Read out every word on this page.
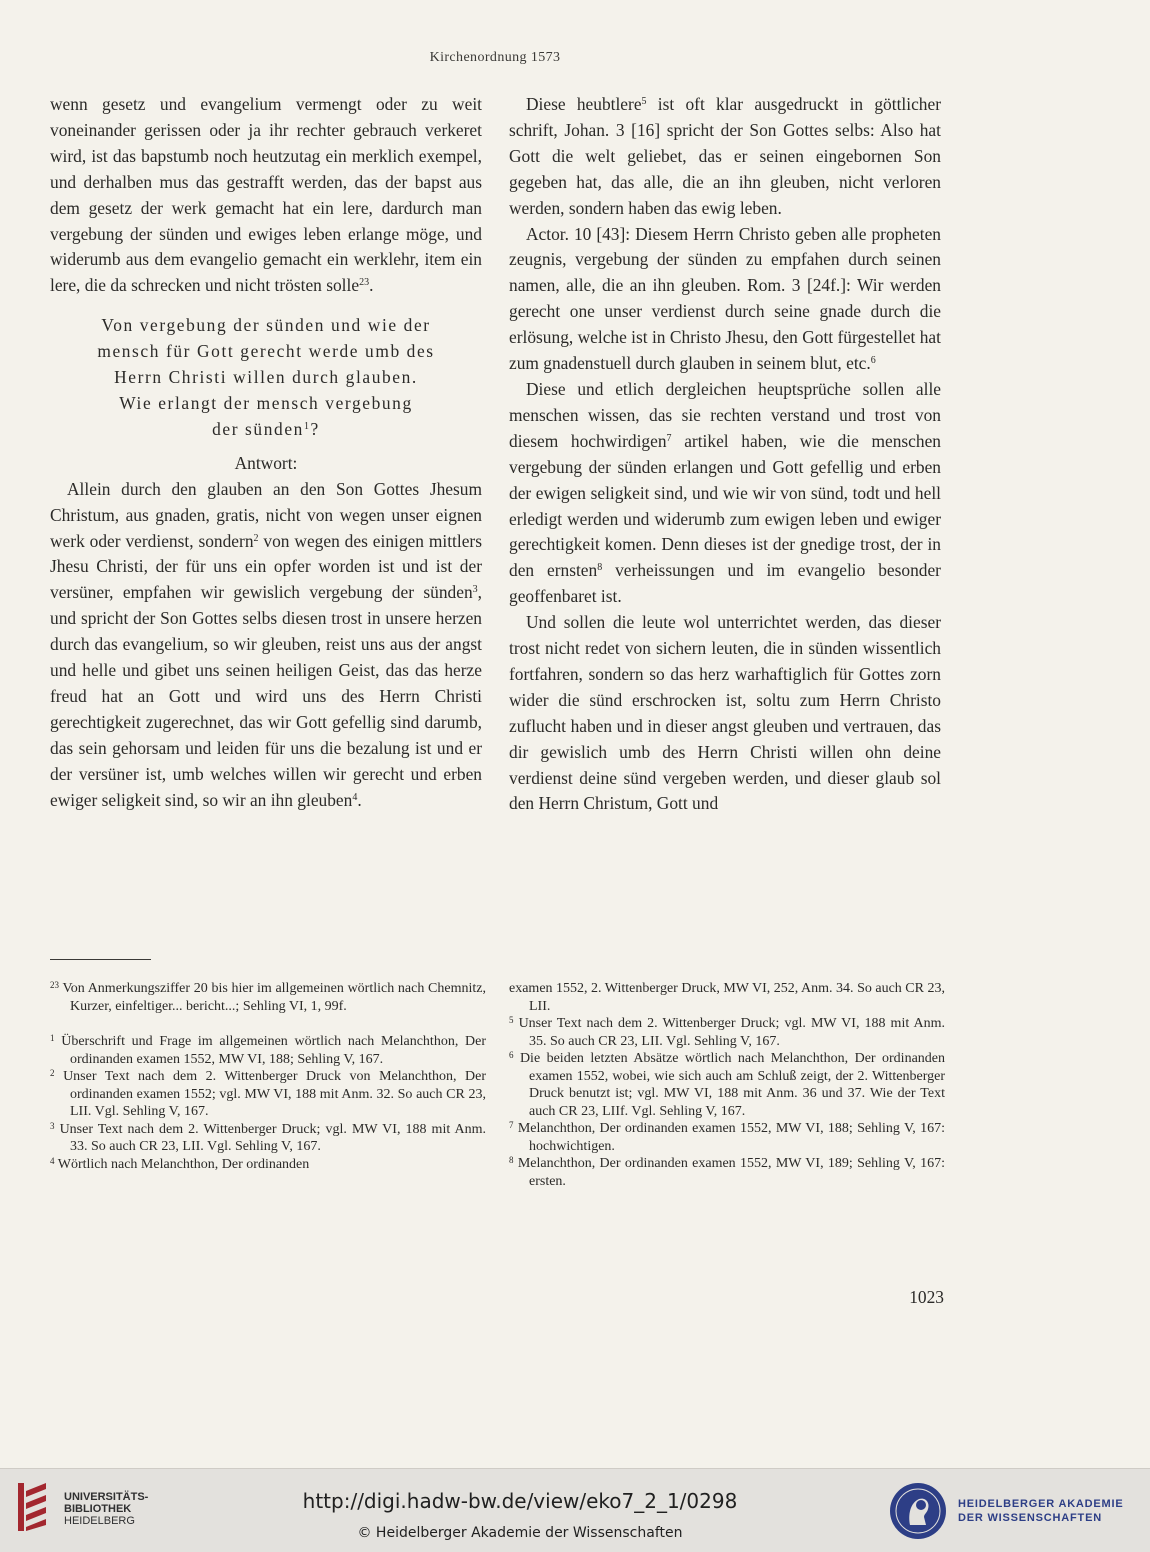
Kirchenordnung 1573

wenn gesetz und evangelium vermengt oder zu weit voneinander gerissen oder ja ihr rechter gebrauch verkeret wird, ist das bapstumb noch heutzutag ein merklich exempel, und derhalben mus das gestrafft werden, das der bapst aus dem gesetz der werk gemacht hat ein lere, dardurch man vergebung der sünden und ewiges leben erlange möge, und widerumb aus dem evangelio gemacht ein werklehr, item ein lere, die da schrecken und nicht trösten solle$^{23}$.

Von vergebung der sünden und wie der
mensch für Gott gerecht werde umb des
Herrn Christi willen durch glauben.
Wie erlangt der mensch vergebung
der sünden$^1$?
Antwort:

Allein durch den glauben an den Son Gottes Jhesum Christum, aus gnaden, gratis, nicht von wegen unser eignen werk oder verdienst, sondern$^2$ von wegen des einigen mittlers Jhesu Christi, der für uns ein opfer worden ist und ist der versüner, empfahen wir gewislich vergebung der sünden$^3$, und spricht der Son Gottes selbs diesen trost in unsere herzen durch das evangelium, so wir gleuben, reist uns aus der angst und helle und gibet uns seinen heiligen Geist, das das herze freud hat an Gott und wird uns des Herrn Christi gerechtigkeit zugerechnet, das wir Gott gefellig sind darumb, das sein gehorsam und leiden für uns die bezalung ist und er der versüner ist, umb welches willen wir gerecht und erben ewiger seligkeit sind, so wir an ihn gleuben$^4$.

Diese heubtlere$^5$ ist oft klar ausgedruckt in göttlicher schrift, Johan. 3 [16] spricht der Son Gottes selbs: Also hat Gott die welt geliebet, das er seinen eingebornen Son gegeben hat, das alle, die an ihn gleuben, nicht verloren werden, sondern haben das ewig leben.

Actor. 10 [43]: Diesem Herrn Christo geben alle propheten zeugnis, vergebung der sünden zu empfahen durch seinen namen, alle, die an ihn gleuben. Rom. 3 [24f.]: Wir werden gerecht one unser verdienst durch seine gnade durch die erlösung, welche ist in Christo Jhesu, den Gott fürgestellet hat zum gnadenstuell durch glauben in seinem blut, etc.$^6$

Diese und etlich dergleichen heuptsprüche sollen alle menschen wissen, das sie rechten verstand und trost von diesem hochwirdigen$^7$ artikel haben, wie die menschen vergebung der sünden erlangen und Gott gefellig und erben der ewigen seligkeit sind, und wie wir von sünd, todt und hell erledigt werden und widerumb zum ewigen leben und ewiger gerechtigkeit komen. Denn dieses ist der gnedige trost, der in den ernsten$^8$ verheissungen und im evangelio besonder geoffenbaret ist.

Und sollen die leute wol unterrichtet werden, das dieser trost nicht redet von sichern leuten, die in sünden wissentlich fortfahren, sondern so das herz warhaftiglich für Gottes zorn wider die sünd erschrocken ist, soltu zum Herrn Christo zuflucht haben und in dieser angst gleuben und vertrauen, das dir gewislich umb des Herrn Christi willen ohn deine verdienst deine sünd vergeben werden, und dieser glaub sol den Herrn Christum, Gott und

$^{23}$ Von Anmerkungsziffer 20 bis hier im allgemeinen wörtlich nach Chemnitz, Kurzer, einfeltiger... bericht...; Sehling VI, 1, 99f.

$^1$ Überschrift und Frage im allgemeinen wörtlich nach Melanchthon, Der ordinanden examen 1552, MW VI, 188; Sehling V, 167.

$^2$ Unser Text nach dem 2. Wittenberger Druck von Melanchthon, Der ordinanden examen 1552; vgl. MW VI, 188 mit Anm. 32. So auch CR 23, LII. Vgl. Sehling V, 167.

$^3$ Unser Text nach dem 2. Wittenberger Druck; vgl. MW VI, 188 mit Anm. 33. So auch CR 23, LII. Vgl. Sehling V, 167.

$^4$ Wörtlich nach Melanchthon, Der ordinanden

examen 1552, 2. Wittenberger Druck, MW VI, 252, Anm. 34. So auch CR 23, LII.

$^5$ Unser Text nach dem 2. Wittenberger Druck; vgl. MW VI, 188 mit Anm. 35. So auch CR 23, LII. Vgl. Sehling V, 167.

$^6$ Die beiden letzten Absätze wörtlich nach Melanchthon, Der ordinanden examen 1552, wobei, wie sich auch am Schluß zeigt, der 2. Wittenberger Druck benutzt ist; vgl. MW VI, 188 mit Anm. 36 und 37. Wie der Text auch CR 23, LIIf. Vgl. Sehling V, 167.

$^7$ Melanchthon, Der ordinanden examen 1552, MW VI, 188; Sehling V, 167: hochwichtigen.

$^8$ Melanchthon, Der ordinanden examen 1552, MW VI, 189; Sehling V, 167: ersten.

1023
UNIVERSITÄTS-
BIBLIOTHEK
HEIDELBERG
http://digi.hadw-bw.de/view/eko7_2_1/0298
© Heidelberger Akademie der Wissenschaften
HEIDELBERGER AKADEMIE
DER WISSENSCHAFTEN
